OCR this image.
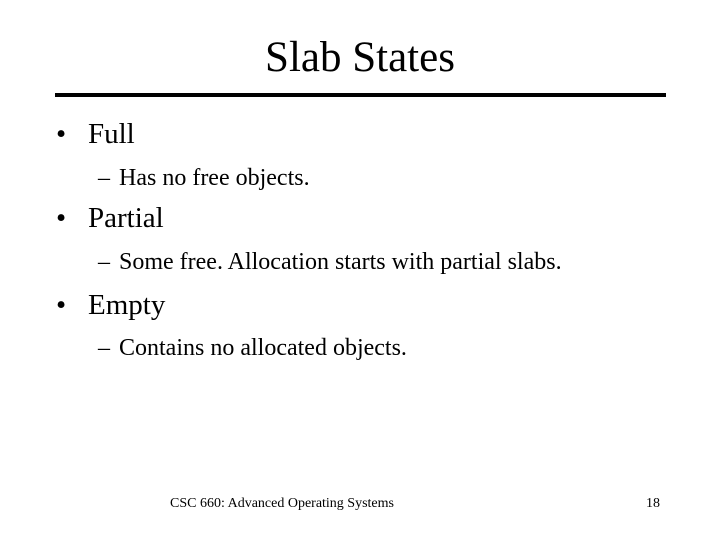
Slab States
• Full
– Has no free objects.
• Partial
– Some free. Allocation starts with partial slabs.
• Empty
– Contains no allocated objects.
CSC 660: Advanced Operating Systems	18
